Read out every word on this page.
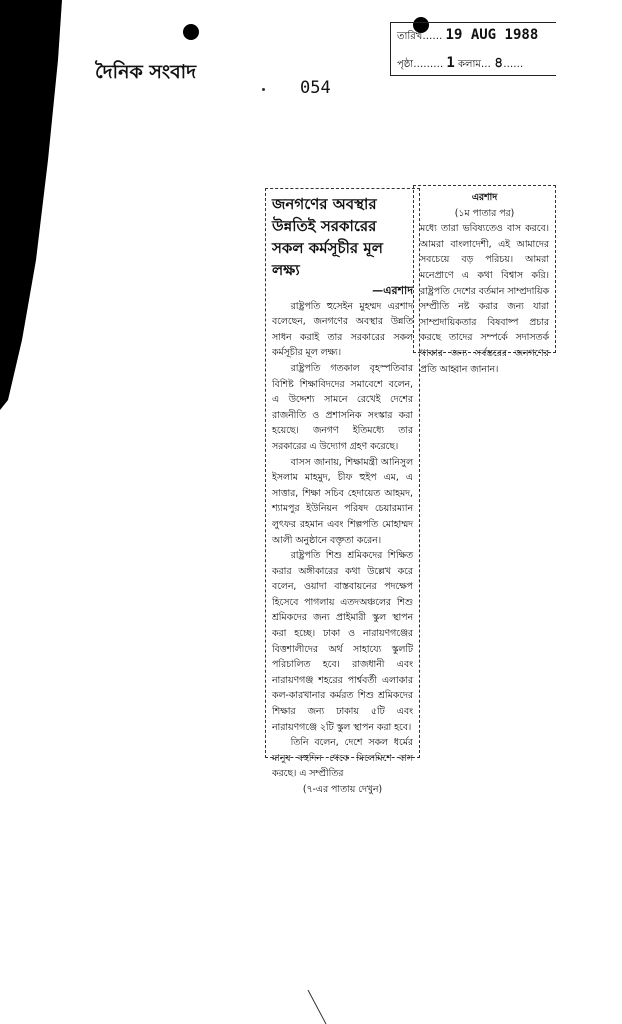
দৈনিক সংবাদ
054
তারিখ…… 19 AUG 1988
পৃষ্ঠা……… 1 কলাম… ৪……
জনগণের অবস্থার উন্নতিই সরকারের সকল কর্মসূচীর মূল লক্ষ্য
—এরশাদ

রাষ্ট্রপতি হুসেইন মুহম্মদ এরশাদ বলেছেন, জনগণের অবস্থার উন্নতি সাধন করাই তার সরকারের সকল কর্মসূচীর মূল লক্ষ্য।

রাষ্ট্রপতি গতকাল বৃহস্পতিবার বিশিষ্ট শিক্ষাবিদদের সমাবেশে বলেন, এ উদ্দেশ্য সামনে রেখেই দেশের রাজনীতি ও প্রশাসনিক সংস্কার করা হয়েছে। জনগণ ইতিমধ্যে তার সরকারের এ উদ্যোগ গ্রহণ করেছে।

বাসস জানায়, শিক্ষামন্ত্রী আনিসুল ইসলাম মাহমুদ, চীফ হুইপ এম, এ সাত্তার, শিক্ষা সচিব হেদায়েত আহমদ, শ্যামপুর ইউনিয়ন পরিষদ চেয়ারম্যান লুৎফর রহমান এবং শিল্পপতি মোহাম্মদ আলী অনুষ্ঠানে বক্তৃতা করেন।

রাষ্ট্রপতি শিশু শ্রমিকদের শিক্ষিত করার অঙ্গীকারের কথা উল্লেখ করে বলেন, ওয়াদা বাস্তবায়নের পদক্ষেপ হিসেবে পাগলায় এতদঅঞ্চলের শিশু শ্রমিকদের জন্য প্রাইমারী স্কুল স্থাপন করা হচ্ছে। ঢাকা ও নারায়ণগঞ্জের বিত্তশালীদের অর্থ সাহায্যে স্কুলটি পরিচালিত হবে। রাজধানী এবং নারায়ণগঞ্জ শহরের পার্শ্ববর্তী এলাকার কল-কারখানার কর্মরত শিশু শ্রমিকদের শিক্ষার জন্য ঢাকায় ৫টি এবং নারায়ণগঞ্জে ২টি স্কুল স্থাপন করা হবে।

তিনি বলেন, দেশে সকল ধর্মের মানুষ বহুদিন থেকে মিলেমিশে বাস করছে। এ সম্প্রীতির

(৭-এর পাতায় দেখুন)
এরশাদ
(১ম পাতার পর)

মধ্যে তারা ভবিষ্যতেও বাস করবে। আমরা বাংলাদেশী, এই আমাদের সবচেয়ে বড় পরিচয়। আমরা মনেপ্রাণে এ কথা বিশ্বাস করি। রাষ্ট্রপতি দেশের বর্তমান সাম্প্রদায়িক সম্প্রীতি নষ্ট করার জন্য যারা সাম্প্রদায়িকতার বিষবাষ্প প্রচার করছে তাদের সম্পর্কে সদাসতর্ক থাকার জন্য সর্বস্তরের জনগণের প্রতি আহ্বান জানান।
